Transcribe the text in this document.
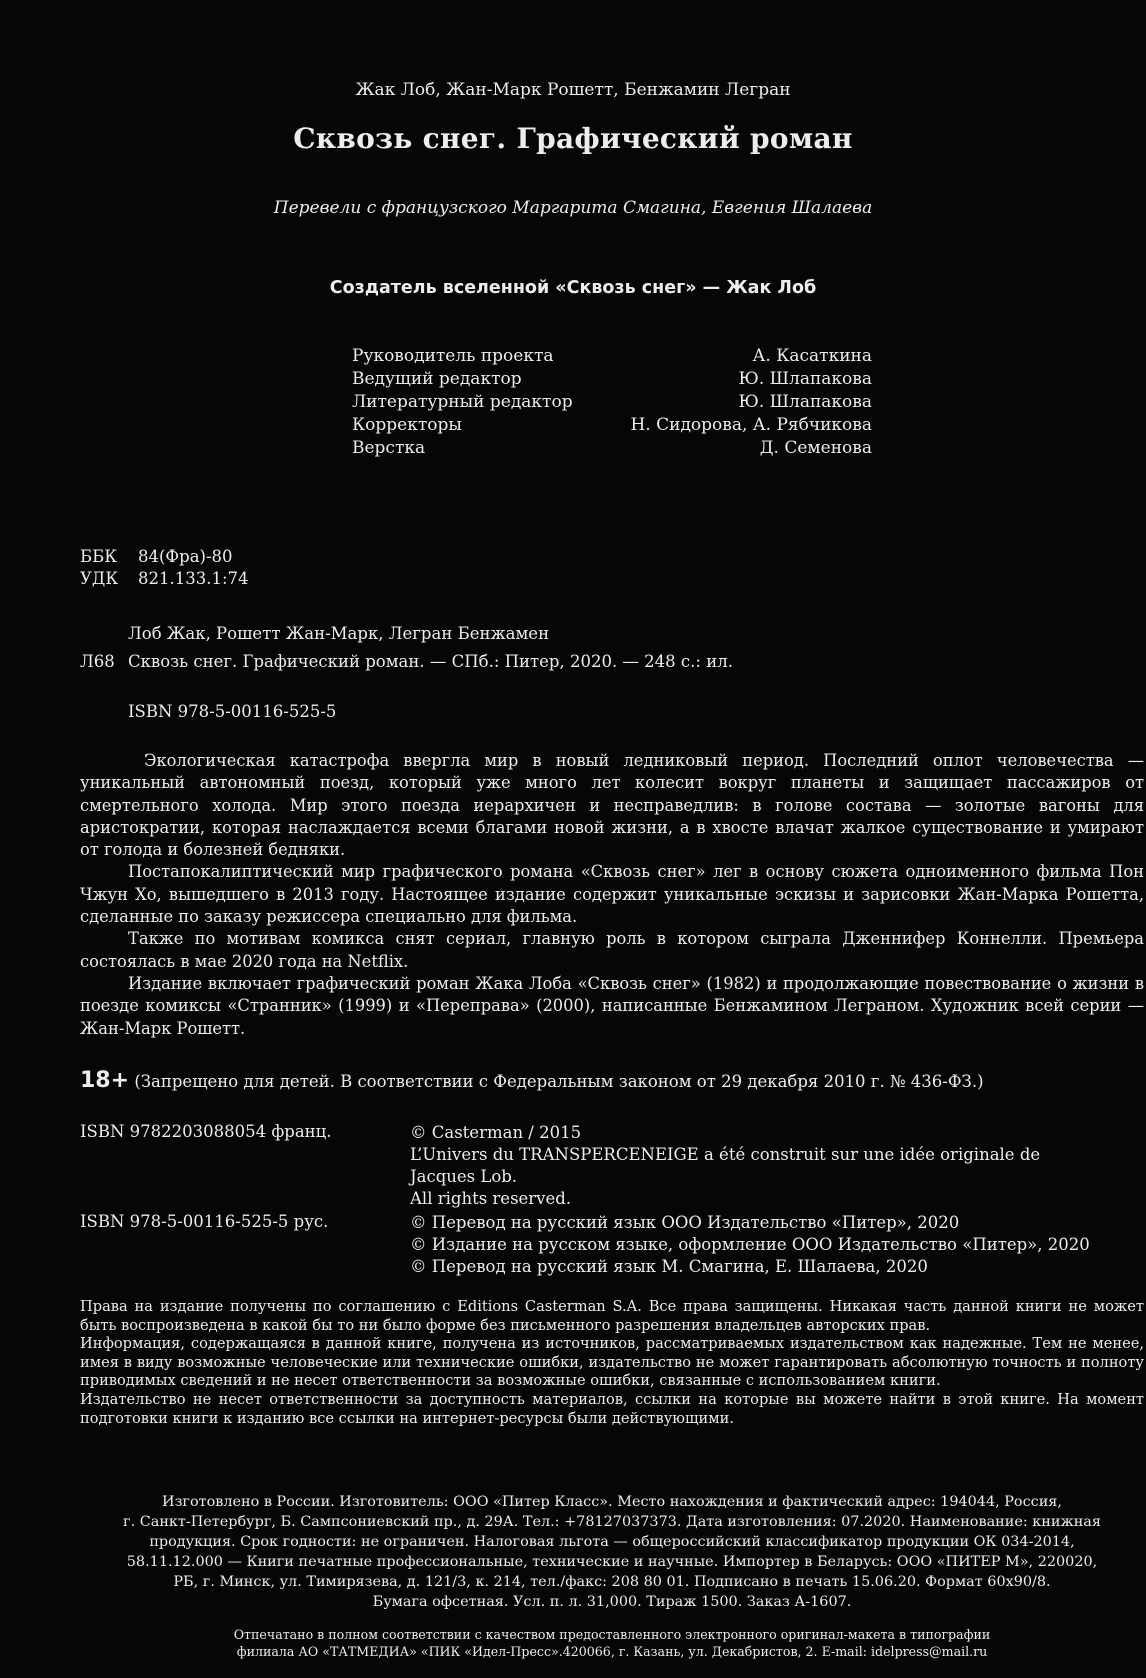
Жак Лоб, Жан-Марк Рошетт, Бенжамин Легран
Сквозь снег. Графический роман
Перевели с французского Маргарита Смагина, Евгения Шалаева
Создатель вселенной «Сквозь снег» — Жак Лоб
Руководитель проекта	А. Касаткина
Ведущий редактор	Ю. Шлапакова
Литературный редактор	Ю. Шлапакова
Корректоры	Н. Сидорова, А. Рябчикова
Верстка	Д. Семенова
ББК 84(Фра)-80
УДК 821.133.1:74
Лоб Жак, Рошетт Жан-Марк, Легран Бенжамен
Л68 Сквозь снег. Графический роман. — СПб.: Питер, 2020. — 248 с.: ил.
ISBN 978-5-00116-525-5

Экологическая катастрофа ввергла мир в новый ледниковый период. Последний оплот человечества — уникальный автономный поезд, который уже много лет колесит вокруг планеты и защищает пассажиров от смертельного холода. Мир этого поезда иерархичен и несправедлив: в голове состава — золотые вагоны для аристократии, которая наслаждается всеми благами новой жизни, а в хвосте влачат жалкое существование и умирают от голода и болезней бедняки.

Постапокалиптический мир графического романа «Сквозь снег» лег в основу сюжета одноименного фильма Пон Чжун Хо, вышедшего в 2013 году. Настоящее издание содержит уникальные эскизы и зарисовки Жан-Марка Рошетта, сделанные по заказу режиссера специально для фильма.

Также по мотивам комикса снят сериал, главную роль в котором сыграла Дженнифер Коннелли. Премьера состоялась в мае 2020 года на Netflix.

Издание включает графический роман Жака Лоба «Сквозь снег» (1982) и продолжающие повествование о жизни в поезде комиксы «Странник» (1999) и «Переправа» (2000), написанные Бенжамином Леграном. Художник всей серии — Жан-Марк Рошетт.

18+ (Запрещено для детей. В соответствии с Федеральным законом от 29 декабря 2010 г. № 436-ФЗ.)
ISBN 9782203088054 франц.	© Casterman / 2015
L’Univers du TRANSPERCENEIGE a été construit sur une idée originale de Jacques Lob.
All rights reserved.
ISBN 978-5-00116-525-5 рус.	© Перевод на русский язык ООО Издательство «Питер», 2020
© Издание на русском языке, оформление ООО Издательство «Питер», 2020
© Перевод на русский язык М. Смагина, Е. Шалаева, 2020

Права на издание получены по соглашению с Editions Casterman S.A. Все права защищены. Никакая часть данной книги не может быть воспроизведена в какой бы то ни было форме без письменного разрешения владельцев авторских прав.

Информация, содержащаяся в данной книге, получена из источников, рассматриваемых издательством как надежные. Тем не менее, имея в виду возможные человеческие или технические ошибки, издательство не может гарантировать абсолютную точность и полноту приводимых сведений и не несет ответственности за возможные ошибки, связанные с использованием книги.

Издательство не несет ответственности за доступность материалов, ссылки на которые вы можете найти в этой книге. На момент подготовки книги к изданию все ссылки на интернет-ресурсы были действующими.

Изготовлено в России. Изготовитель: ООО «Питер Класс». Место нахождения и фактический адрес: 194044, Россия,
г. Санкт-Петербург, Б. Сампсониевский пр., д. 29А. Тел.: +78127037373. Дата изготовления: 07.2020. Наименование: книжная
продукция. Срок годности: не ограничен. Налоговая льгота — общероссийский классификатор продукции ОК 034-2014,
58.11.12.000 — Книги печатные профессиональные, технические и научные. Импортер в Беларусь: ООО «ПИТЕР М», 220020,
РБ, г. Минск, ул. Тимирязева, д. 121/3, к. 214, тел./факс: 208 80 01. Подписано в печать 15.06.20. Формат 60х90/8.
Бумага офсетная. Усл. п. л. 31,000. Тираж 1500. Заказ А-1607.
Отпечатано в полном соответствии с качеством предоставленного электронного оригинал-макета в типографии
филиала АО «ТАТМЕДИА» «ПИК «Идел-Пресс».420066, г. Казань, ул. Декабристов, 2. E-mail: idelpress@mail.ru
